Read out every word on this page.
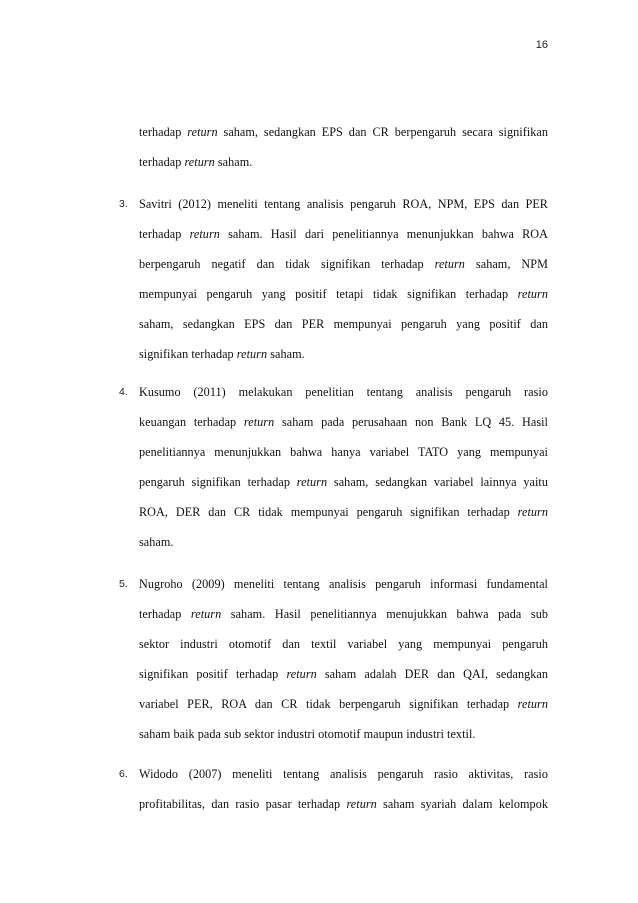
16
terhadap return saham, sedangkan EPS dan CR berpengaruh secara signifikan
terhadap return saham.
3. Savitri (2012) meneliti tentang analisis pengaruh ROA, NPM, EPS dan PER
terhadap return saham. Hasil dari penelitiannya menunjukkan bahwa ROA
berpengaruh negatif dan tidak signifikan terhadap return saham, NPM
mempunyai pengaruh yang positif tetapi tidak signifikan terhadap return
saham, sedangkan EPS dan PER mempunyai pengaruh yang positif dan
signifikan terhadap return saham.
4. Kusumo (2011) melakukan penelitian tentang analisis pengaruh rasio
keuangan terhadap return saham pada perusahaan non Bank LQ 45. Hasil
penelitiannya menunjukkan bahwa hanya variabel TATO yang mempunyai
pengaruh signifikan terhadap return saham, sedangkan variabel lainnya yaitu
ROA, DER dan CR tidak mempunyai pengaruh signifikan terhadap return
saham.
5. Nugroho (2009) meneliti tentang analisis pengaruh informasi fundamental
terhadap return saham. Hasil penelitiannya menujukkan bahwa pada sub
sektor industri otomotif dan textil variabel yang mempunyai pengaruh
signifikan positif terhadap return saham adalah DER dan QAI, sedangkan
variabel PER, ROA dan CR tidak berpengaruh signifikan terhadap return
saham baik pada sub sektor industri otomotif maupun industri textil.
6. Widodo (2007) meneliti tentang analisis pengaruh rasio aktivitas, rasio
profitabilitas, dan rasio pasar terhadap return saham syariah dalam kelompok
